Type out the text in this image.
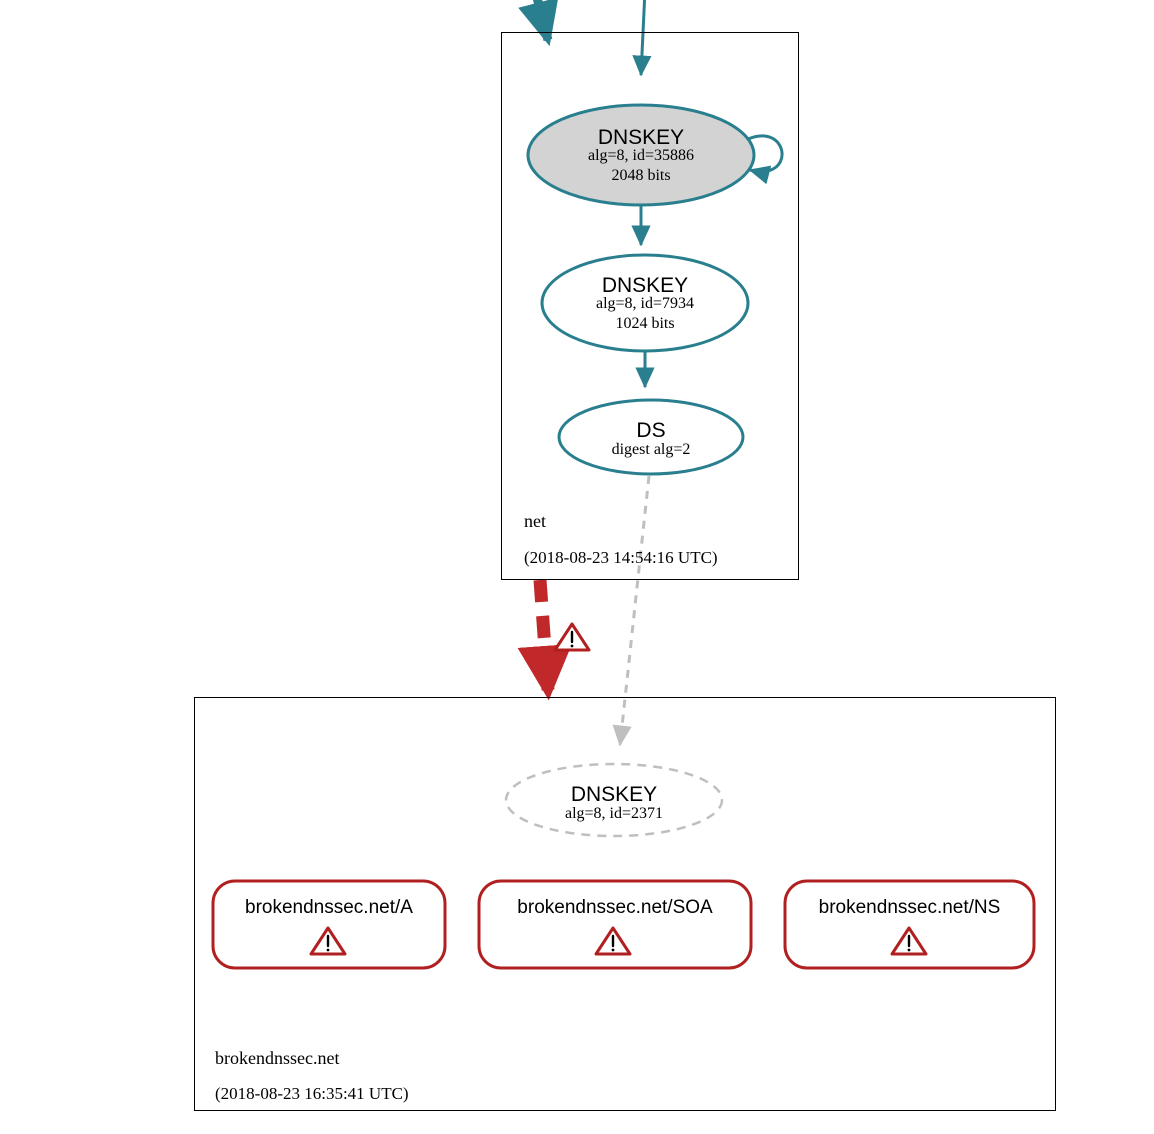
net
(2018-08-23 14:54:16 UTC)
brokendnssec.net
(2018-08-23 16:35:41 UTC)
DNSKEY
alg=8, id=35886
2048 bits
DNSKEY
alg=8, id=7934
1024 bits
DS
digest alg=2
DNSKEY
alg=8, id=2371
brokendnssec.net/A	brokendnssec.net/SOA	brokendnssec.net/NS
